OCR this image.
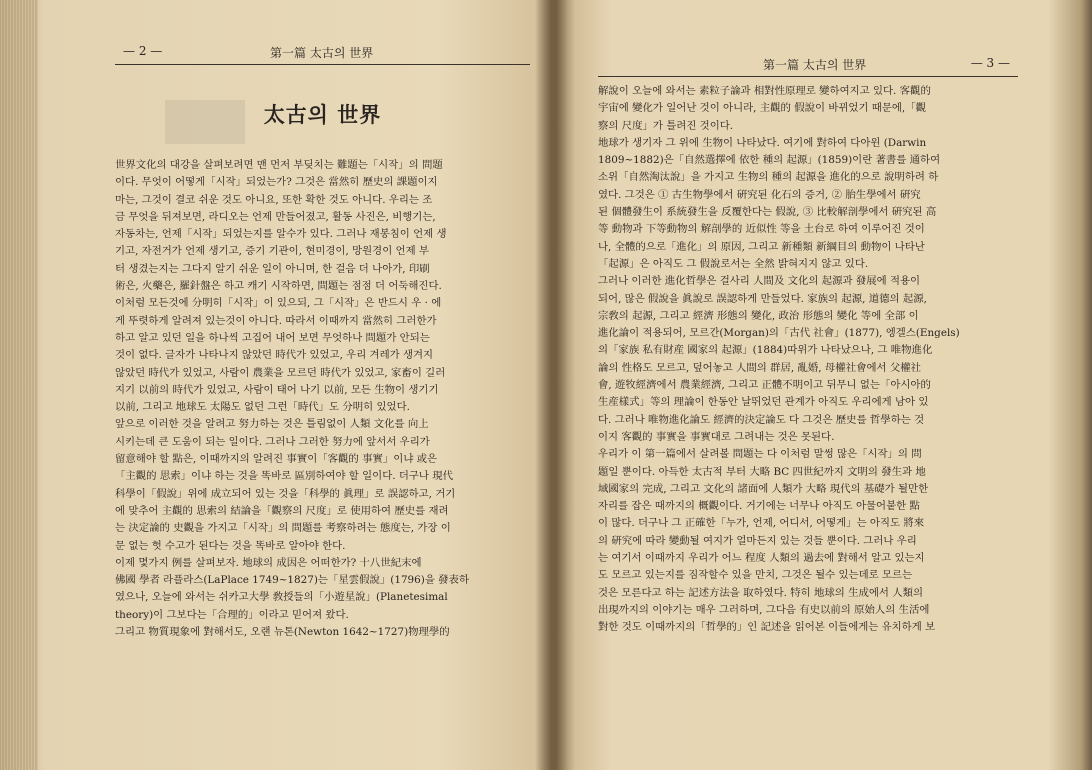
— 2 —	第一篇 太古의 世界
太古의 世界

世界文化의 대강을 살펴보려면 맨 먼저 부딪치는 難題는「시작」의 問題

이다. 무엇이 어떻게「시작」되었는가? 그것은 當然히 歷史의 課題이지

마는, 그것이 결코 쉬운 것도 아니요, 또한 확한 것도 아니다. 우리는 조

금 무엇을 뒤져보면, 라디오는 언제 만들어졌고, 활동 사진은, 비행기는,

자동차는, 언제「시작」되었는지를 알수가 있다. 그러나 재봉침이 언제 생

기고, 자전거가 언제 생기고, 증기 기관이, 현미경이, 망원경이 언제 부

터 생겼는지는 그다지 알기 쉬운 일이 아니며, 한 걸음 더 나아가, 印刷

術은, 火藥은, 羅針盤은 하고 캐기 시작하면, 問題는 점점 더 어둑해진다.

이처럼 모든것에 分明히「시작」이 있으되, 그「시작」은 반드시 우 · 에

게 뚜렷하게 알려져 있는것이 아니다. 따라서 이때까지 當然히 그러한가

하고 알고 있던 일을 하나씩 고집어 내어 보면 무엇하나 問題가 안되는

것이 없다. 글자가 나타나지 않았던 時代가 있었고, 우리 겨레가 생겨지

않았던 時代가 있었고, 사람이 農業을 모르던 時代가 있었고, 家畜이 길러

지기 以前의 時代가 있었고, 사람이 태어 나기 以前, 모든 生物이 생기기

以前, 그리고 地球도 太陽도 없던 그런「時代」도 分明히 있었다.

앞으로 이러한 것을 알려고 努力하는 것은 틀림없이 人類 文化를 向上

시키는데 큰 도움이 되는 일이다. 그러나 그러한 努力에 앞서서 우리가

留意해야 할 點은, 이때까지의 알려진 事實이「客觀的 事實」이냐 或은

「主觀的 思索」이냐 하는 것을 똑바로 區別하여야 할 일이다. 더구나 現代

科學이「假說」위에 成立되어 있는 것을「科學的 眞理」로 誤認하고, 거기

에 맞추어 主觀的 思索의 結論을「觀察의 尺度」로 使用하여 歷史를 재려

는 決定論的 史觀을 가지고「시작」의 問題를 考察하려는 態度는, 가장 이

문 없는 헛 수고가 된다는 것을 똑바로 알아야 한다.

이제 몇가지 例를 살펴보자. 地球의 成因은 어떠한가? 十八世紀末에

佛國 學者 라플라스(LaPlace 1749~1827)는「星雲假說」(1796)을 發表하

였으나, 오늘에 와서는 쉬카고大學 敎授들의「小遊星說」(Planetesimal

theory)이 그보다는「合理的」이라고 믿어져 왔다.

그리고 物質現象에 對해서도, 오랜 뉴톤(Newton 1642~1727)物理學的

第一篇 太古의 世界	— 3 —

解說이 오늘에 와서는 素粒子論과 相對性原理로 變하여지고 있다. 客觀的

宇宙에 變化가 일어난 것이 아니라, 主觀的 假說이 바뀌었기 때문에,「觀

察의 尺度」가 틀려진 것이다.

地球가 생기자 그 위에 生物이 나타났다. 여기에 對하여 다아윈 (Darwin

1809~1882)은「自然選擇에 依한 種의 起源」(1859)이란 著書를 通하여

소위「自然淘汰說」을 가지고 生物의 種의 起源을 進化的으로 說明하려 하

였다. 그것은 ① 古生物學에서 硏究된 化石의 증거, ② 胎生學에서 硏究

된 個體發生이 系統發生을 反覆한다는 假說, ③ 比較解剖學에서 硏究된 高

等 動物과 下等動物의 解剖學的 近似性 等을 土台로 하여 이루어진 것이

나, 全體的으로「進化」의 原因, 그리고 新種類 新綱目의 動物이 나타난

「起源」은 아직도 그 假說로서는 全然 밝혀지지 않고 있다.

그러나 이러한 進化哲學은 걸사리 人間及 文化의 起源과 發展에 적용이

되어, 많은 假說을 眞說로 誤認하게 만들었다. 家族의 起源, 道德의 起源,

宗敎의 起源, 그리고 經濟 形態의 變化, 政治 形態의 變化 等에 全部 이

進化論이 적용되어, 모르간(Morgan)의「古代 社會」(1877), 엥겔스(Engels)

의「家族 私有財産 國家의 起源」(1884)따위가 나타났으나, 그 唯物進化

論의 性格도 모르고, 덮어놓고 人間의 群居, 亂婚, 母權社會에서 父權社

會, 遊牧經濟에서 農業經濟, 그리고 正體不明이고 뒤무니 없는「아시아的

生産樣式」等의 理論이 한동안 날뛰었던 관계가 아직도 우리에게 남아 있

다. 그러나 唯物進化論도 經濟的決定論도 다 그것은 歷史를 哲學하는 것

이지 客觀的 事實을 事實대로 그려내는 것은 못된다.

우리가 이 第一篇에서 살려볼 問題는 다 이처럼 말썽 많은「시작」의 問

題일 뿐이다. 아득한 太古적 부터 大略 BC 四世紀까지 文明의 發生과 地

域國家의 完成, 그리고 文化의 諸面에 人類가 大略 現代의 基礎가 될만한

자리를 잡은 때까지의 概觀이다. 거기에는 너무나 아직도 아물어붙한 點

이 많다. 더구나 그 正確한「누가, 언제, 어디서, 어떻게」는 아직도 將來

의 硏究에 따라 變動될 여지가 얼마든지 있는 것들 뿐이다. 그러나 우리

는 여기서 이때까지 우리가 어느 程度 人類의 過去에 對해서 알고 있는지

도 모르고 있는지를 짐작할수 있을 만치, 그것은 될수 있는데로 모르는

것은 모른다고 하는 記述方法을 取하였다. 特히 地球의 生成에서 人類의

出現까지의 이야기는 매우 그러하며, 그다음 有史以前의 原始人의 生活에

對한 것도 이때까지의「哲學的」인 記述을 읽어본 이들에게는 유치하게 보
